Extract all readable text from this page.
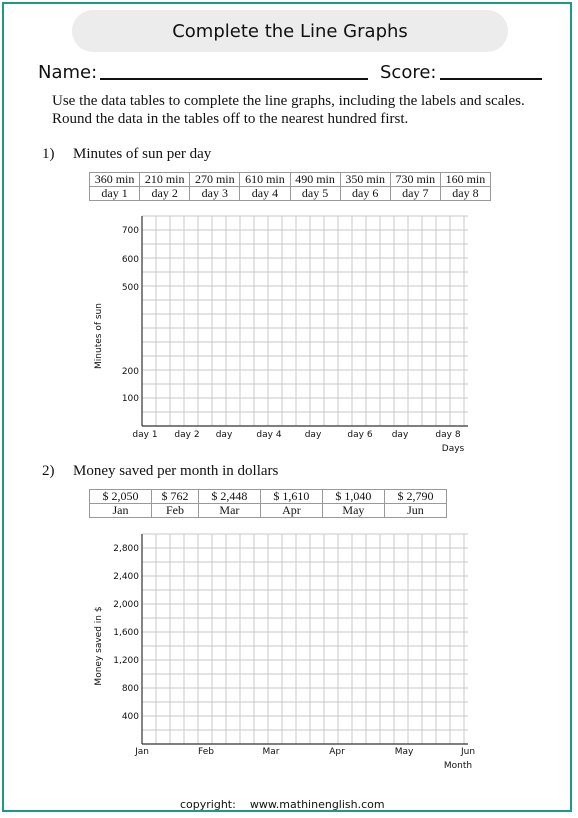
Complete the Line Graphs
Name:	Score:
Use the data tables to complete the line graphs, including the labels and scales.
Round the data in the tables off to the nearest hundred first.
1) Minutes of sun per day
360 min	210 min	270 min	610 min	490 min	350 min	730 min	160 min
day 1	day 2	day 3	day 4	day 5	day 6	day 7	day 8
2) Money saved per month in dollars
$ 2,050	$ 762	$ 2,448	$ 1,610	$ 1,040	$ 2,790
Jan	Feb	Mar	Apr	May	Jun
700
600
500
200
100
day 1 day 2 day	day 4	day	day 6 day	day 8
Days
Minutes of sun
2,800
2,400
2,000
1,600
1,200
800
400
Jan	Feb	Mar	Apr	May	Jun
Month
Money saved in $
copyright: www.mathinenglish.com
